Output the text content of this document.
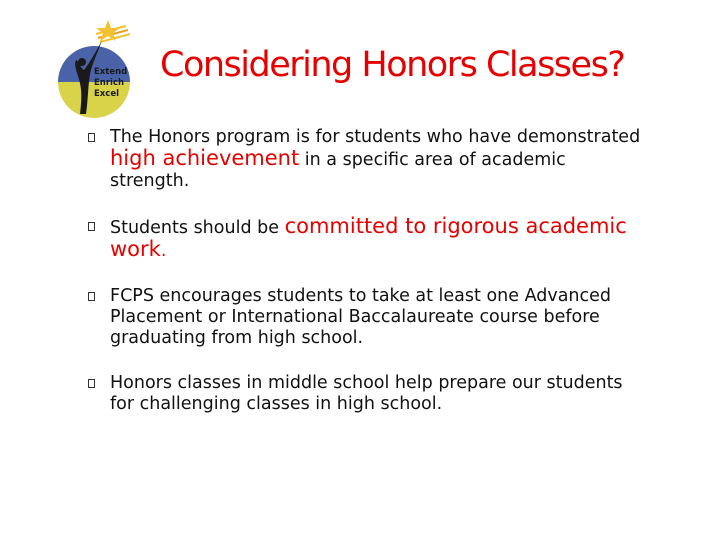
Extend
Enrich
Excel
Considering Honors Classes?
The Honors program is for students who have demonstrated high achievement in a specific area of academic strength.
Students should be committed to rigorous academic work.
FCPS encourages students to take at least one Advanced Placement or International Baccalaureate course before graduating from high school.
Honors classes in middle school help prepare our students for challenging classes in high school.
